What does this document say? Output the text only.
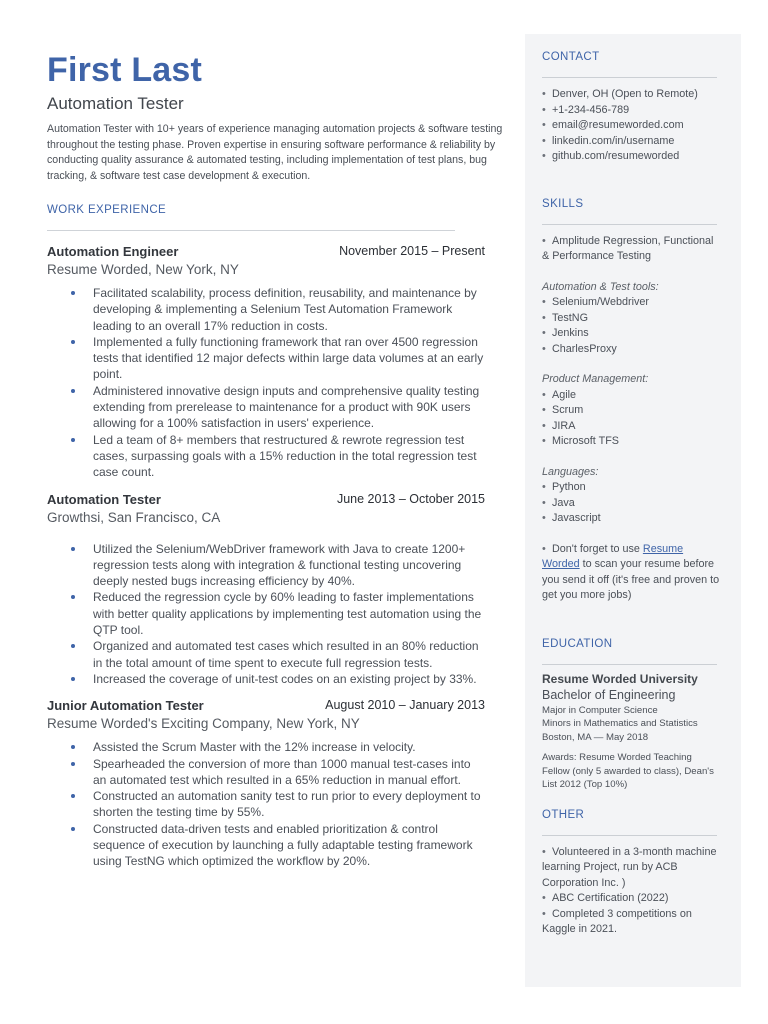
First Last
Automation Tester
Automation Tester with 10+ years of experience managing automation projects & software testing throughout the testing phase. Proven expertise in ensuring software performance & reliability by conducting quality assurance & automated testing, including implementation of test plans, bug tracking, & software test case development & execution.
WORK EXPERIENCE
Automation Engineer	November 2015 – Present
Resume Worded, New York, NY
Facilitated scalability, process definition, reusability, and maintenance by developing & implementing a Selenium Test Automation Framework leading to an overall 17% reduction in costs.
Implemented a fully functioning framework that ran over 4500 regression tests that identified 12 major defects within large data volumes at an early point.
Administered innovative design inputs and comprehensive quality testing extending from prerelease to maintenance for a product with 90K users allowing for a 100% satisfaction in users' experience.
Led a team of 8+ members that restructured & rewrote regression test cases, surpassing goals with a 15% reduction in the total regression test case count.
Automation Tester	June 2013 – October 2015
Growthsi, San Francisco, CA
Utilized the Selenium/WebDriver framework with Java to create 1200+ regression tests along with integration & functional testing uncovering deeply nested bugs increasing efficiency by 40%.
Reduced the regression cycle by 60% leading to faster implementations with better quality applications by implementing test automation using the QTP tool.
Organized and automated test cases which resulted in an 80% reduction in the total amount of time spent to execute full regression tests.
Increased the coverage of unit-test codes on an existing project by 33%.
Junior Automation Tester	August 2010 – January 2013
Resume Worded's Exciting Company, New York, NY
Assisted the Scrum Master with the 12% increase in velocity.
Spearheaded the conversion of more than 1000 manual test-cases into an automated test which resulted in a 65% reduction in manual effort.
Constructed an automation sanity test to run prior to every deployment to shorten the testing time by 55%.
Constructed data-driven tests and enabled prioritization & control sequence of execution by launching a fully adaptable testing framework using TestNG which optimized the workflow by 20%.
CONTACT
• Denver, OH (Open to Remote)
• +1-234-456-789
• email@resumeworded.com
• linkedin.com/in/username
• github.com/resumeworded
SKILLS
• Amplitude Regression, Functional & Performance Testing
Automation & Test tools:
• Selenium/Webdriver
• TestNG
• Jenkins
• CharlesProxy
Product Management:
• Agile
• Scrum
• JIRA
• Microsoft TFS
Languages:
• Python
• Java
• Javascript
• Don't forget to use Resume Worded to scan your resume before you send it off (it's free and proven to get you more jobs)
EDUCATION
Resume Worded University
Bachelor of Engineering
Major in Computer Science
Minors in Mathematics and Statistics
Boston, MA — May 2018
Awards: Resume Worded Teaching Fellow (only 5 awarded to class), Dean's List 2012 (Top 10%)
OTHER
• Volunteered in a 3-month machine learning Project, run by ACB Corporation Inc. )
• ABC Certification (2022)
• Completed 3 competitions on Kaggle in 2021.
